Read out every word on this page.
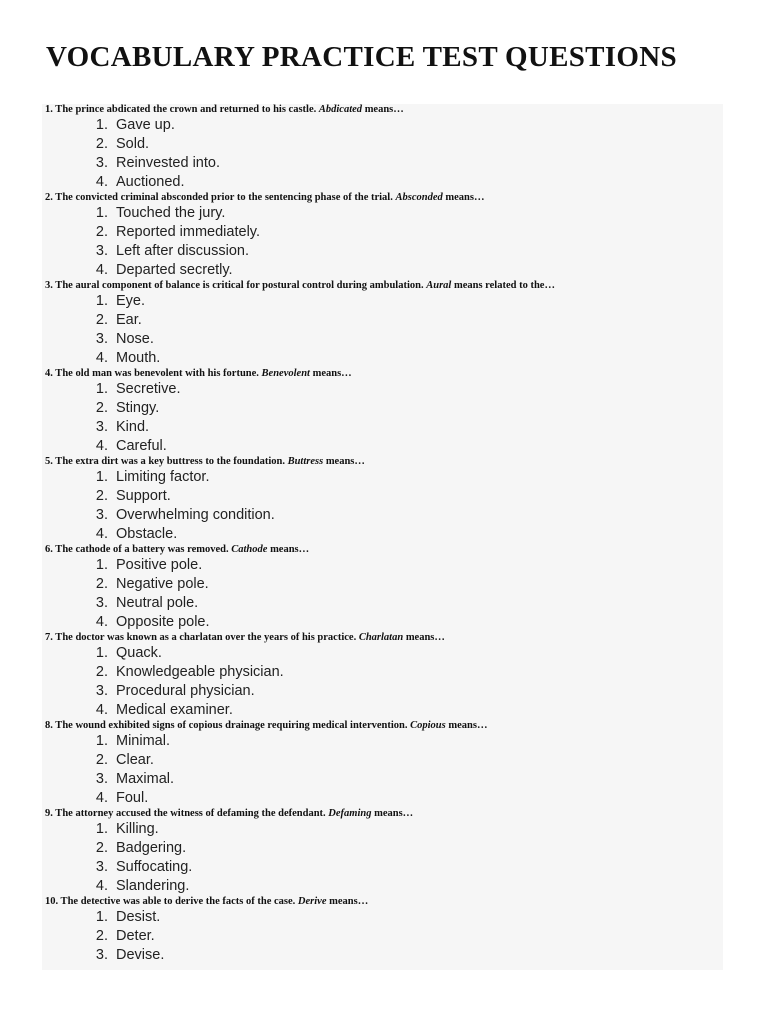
VOCABULARY PRACTICE TEST QUESTIONS
1. The prince abdicated the crown and returned to his castle. Abdicated means…
1. Gave up.
2. Sold.
3. Reinvested into.
4. Auctioned.
2. The convicted criminal absconded prior to the sentencing phase of the trial. Absconded means…
1. Touched the jury.
2. Reported immediately.
3. Left after discussion.
4. Departed secretly.
3. The aural component of balance is critical for postural control during ambulation. Aural means related to the…
1. Eye.
2. Ear.
3. Nose.
4. Mouth.
4. The old man was benevolent with his fortune. Benevolent means…
1. Secretive.
2. Stingy.
3. Kind.
4. Careful.
5. The extra dirt was a key buttress to the foundation. Buttress means…
1. Limiting factor.
2. Support.
3. Overwhelming condition.
4. Obstacle.
6. The cathode of a battery was removed. Cathode means…
1. Positive pole.
2. Negative pole.
3. Neutral pole.
4. Opposite pole.
7. The doctor was known as a charlatan over the years of his practice. Charlatan means…
1. Quack.
2. Knowledgeable physician.
3. Procedural physician.
4. Medical examiner.
8. The wound exhibited signs of copious drainage requiring medical intervention. Copious means…
1. Minimal.
2. Clear.
3. Maximal.
4. Foul.
9. The attorney accused the witness of defaming the defendant. Defaming means…
1. Killing.
2. Badgering.
3. Suffocating.
4. Slandering.
10. The detective was able to derive the facts of the case. Derive means…
1. Desist.
2. Deter.
3. Devise.
